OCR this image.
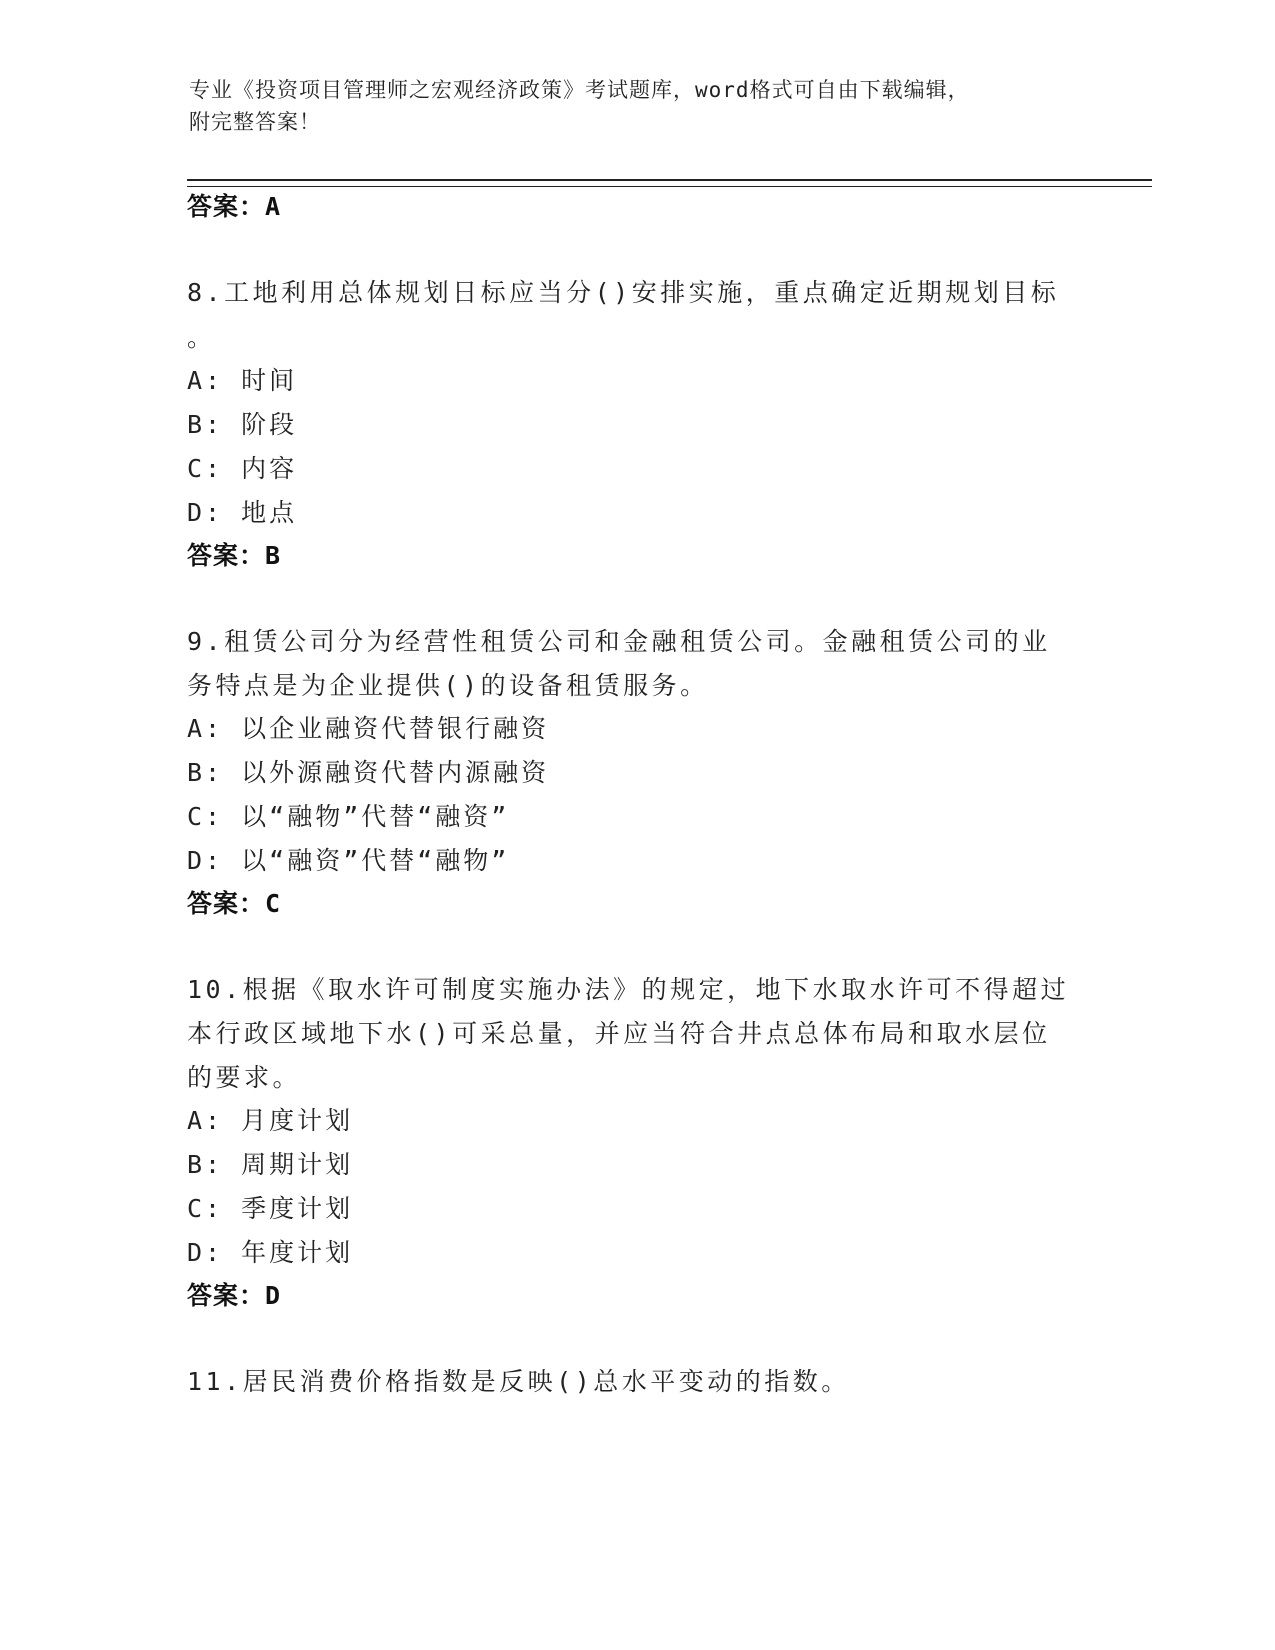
专业《投资项目管理师之宏观经济政策》考试题库，word格式可自由下载编辑，
附完整答案！
答案：A
8.工地利用总体规划日标应当分()安排实施，重点确定近期规划目标
。
A: 时间
B: 阶段
C: 内容
D: 地点
答案：B
9.租赁公司分为经营性租赁公司和金融租赁公司。金融租赁公司的业
务特点是为企业提供()的设备租赁服务。
A: 以企业融资代替银行融资
B: 以外源融资代替内源融资
C: 以“融物”代替“融资”
D: 以“融资”代替“融物”
答案：C
10.根据《取水许可制度实施办法》的规定，地下水取水许可不得超过
本行政区域地下水()可采总量，并应当符合井点总体布局和取水层位
的要求。
A: 月度计划
B: 周期计划
C: 季度计划
D: 年度计划
答案：D
11.居民消费价格指数是反映()总水平变动的指数。
